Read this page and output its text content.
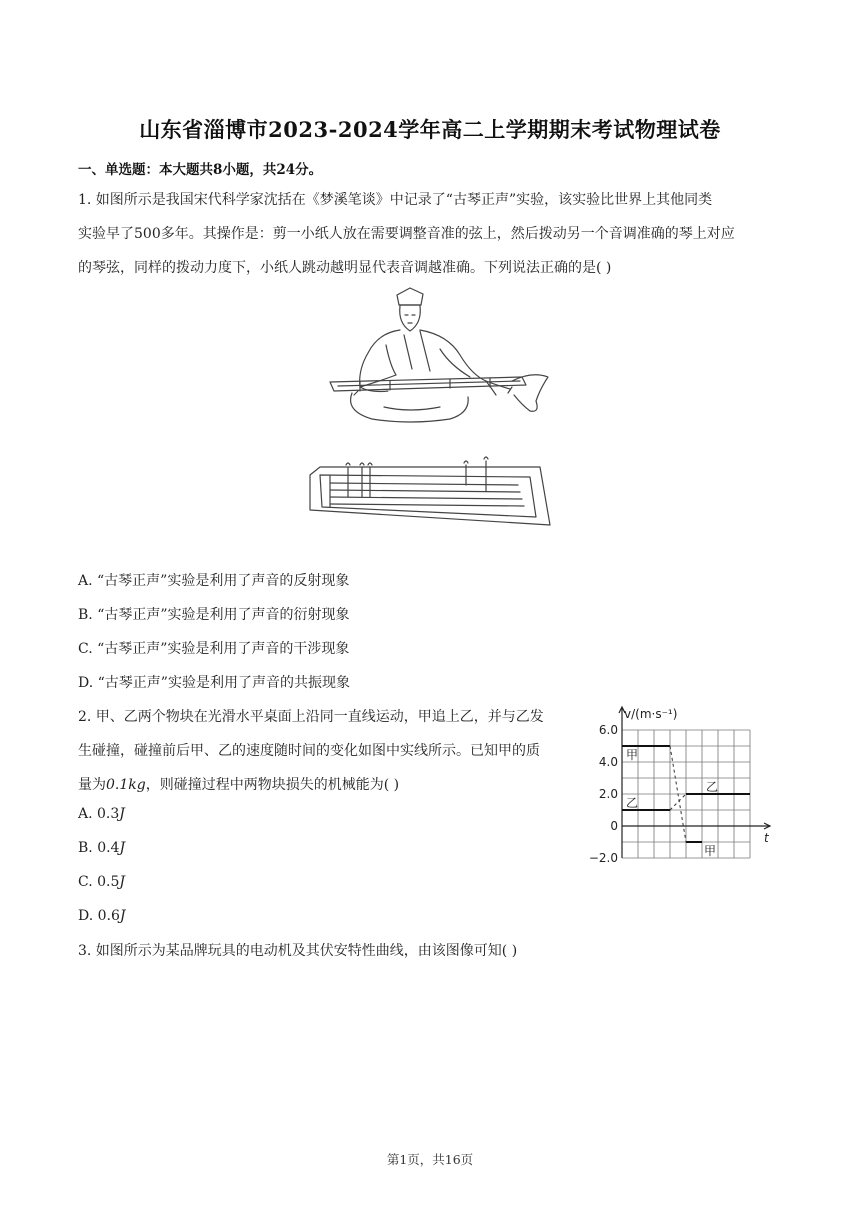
山东省淄博市2023-2024学年高二上学期期末考试物理试卷
一、单选题：本大题共8小题，共24分。
1. 如图所示是我国宋代科学家沈括在《梦溪笔谈》中记录了“古琴正声”实验，该实验比世界上其他同类
实验早了500多年。其操作是：剪一小纸人放在需要调整音准的弦上，然后拨动另一个音调准确的琴上对应
的琴弦，同样的拨动力度下，小纸人跳动越明显代表音调越准确。下列说法正确的是( )
A. “古琴正声”实验是利用了声音的反射现象
B. “古琴正声”实验是利用了声音的衍射现象
C. “古琴正声”实验是利用了声音的干涉现象
D. “古琴正声”实验是利用了声音的共振现象
2. 甲、乙两个物块在光滑水平桌面上沿同一直线运动，甲追上乙，并与乙发
生碰撞，碰撞前后甲、乙的速度随时间的变化如图中实线所示。已知甲的质
量为0.1kg，则碰撞过程中两物块损失的机械能为( )
A. 0.3J
B. 0.4J
C. 0.5J
D. 0.6J
v/(m·s⁻¹)
t
6.0
4.0
2.0
0
−2.0
甲
甲
乙
乙
3. 如图所示为某品牌玩具的电动机及其伏安特性曲线，由该图像可知( )
第1页，共16页
